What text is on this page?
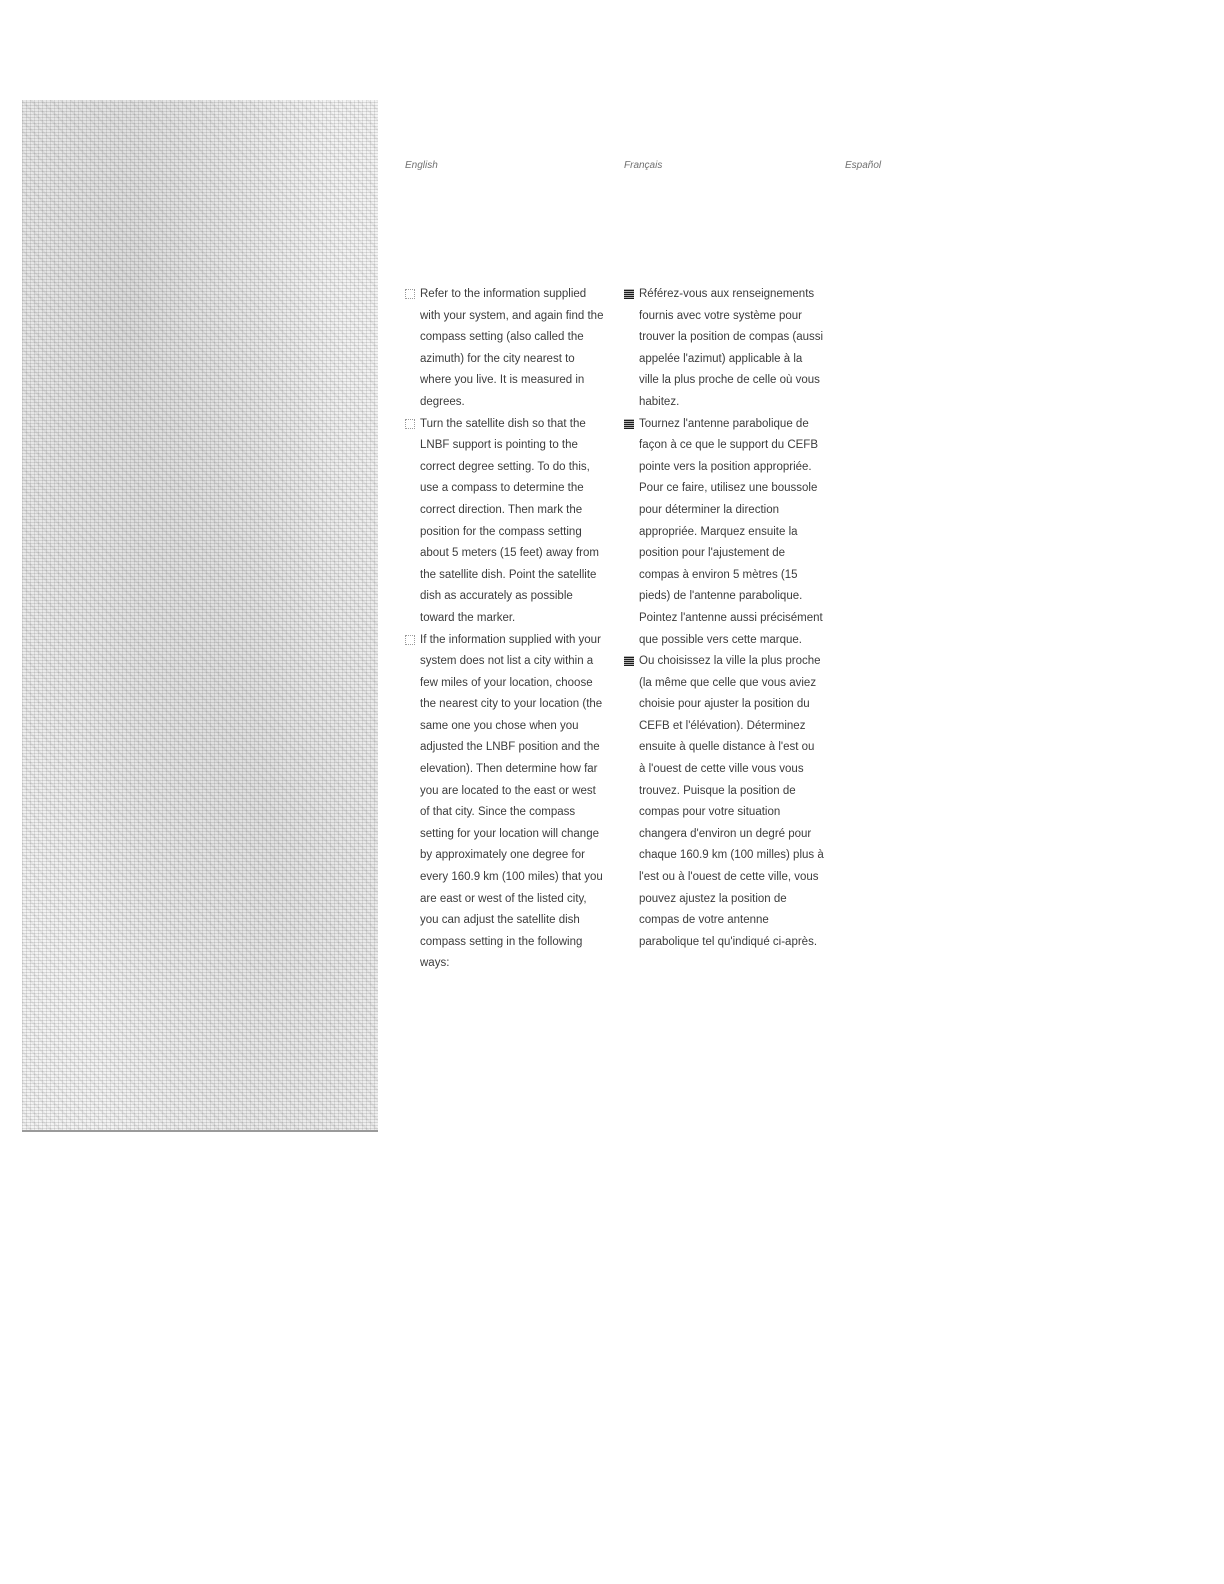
English	Français	Español

Refer to the information supplied with your system, and again find the compass setting (also called the azimuth) for the city nearest to where you live. It is measured in degrees.
Turn the satellite dish so that the LNBF support is pointing to the correct degree setting. To do this, use a compass to determine the correct direction. Then mark the position for the compass setting about 5 meters (15 feet) away from the satellite dish. Point the satellite dish as accurately as possible toward the marker.
If the information supplied with your system does not list a city within a few miles of your location, choose the nearest city to your location (the same one you chose when you adjusted the LNBF position and the elevation). Then determine how far you are located to the east or west of that city. Since the compass setting for your location will change by approximately one degree for every 160.9 km (100 miles) that you are east or west of the listed city, you can adjust the satellite dish compass setting in the following ways:
Référez-vous aux renseignements fournis avec votre système pour trouver la position de compas (aussi appelée l'azimut) applicable à la ville la plus proche de celle où vous habitez.
Tournez l'antenne parabolique de façon à ce que le support du CEFB pointe vers la position appropriée. Pour ce faire, utilisez une boussole pour déterminer la direction appropriée. Marquez ensuite la position pour l'ajustement de compas à environ 5 mètres (15 pieds) de l'antenne parabolique. Pointez l'antenne aussi précisément que possible vers cette marque.
Ou choisissez la ville la plus proche (la même que celle que vous aviez choisie pour ajuster la position du CEFB et l'élévation). Déterminez ensuite à quelle distance à l'est ou à l'ouest de cette ville vous vous trouvez. Puisque la position de compas pour votre situation changera d'environ un degré pour chaque 160.9 km (100 milles) plus à l'est ou à l'ouest de cette ville, vous pouvez ajustez la position de compas de votre antenne parabolique tel qu'indiqué ci-après.
